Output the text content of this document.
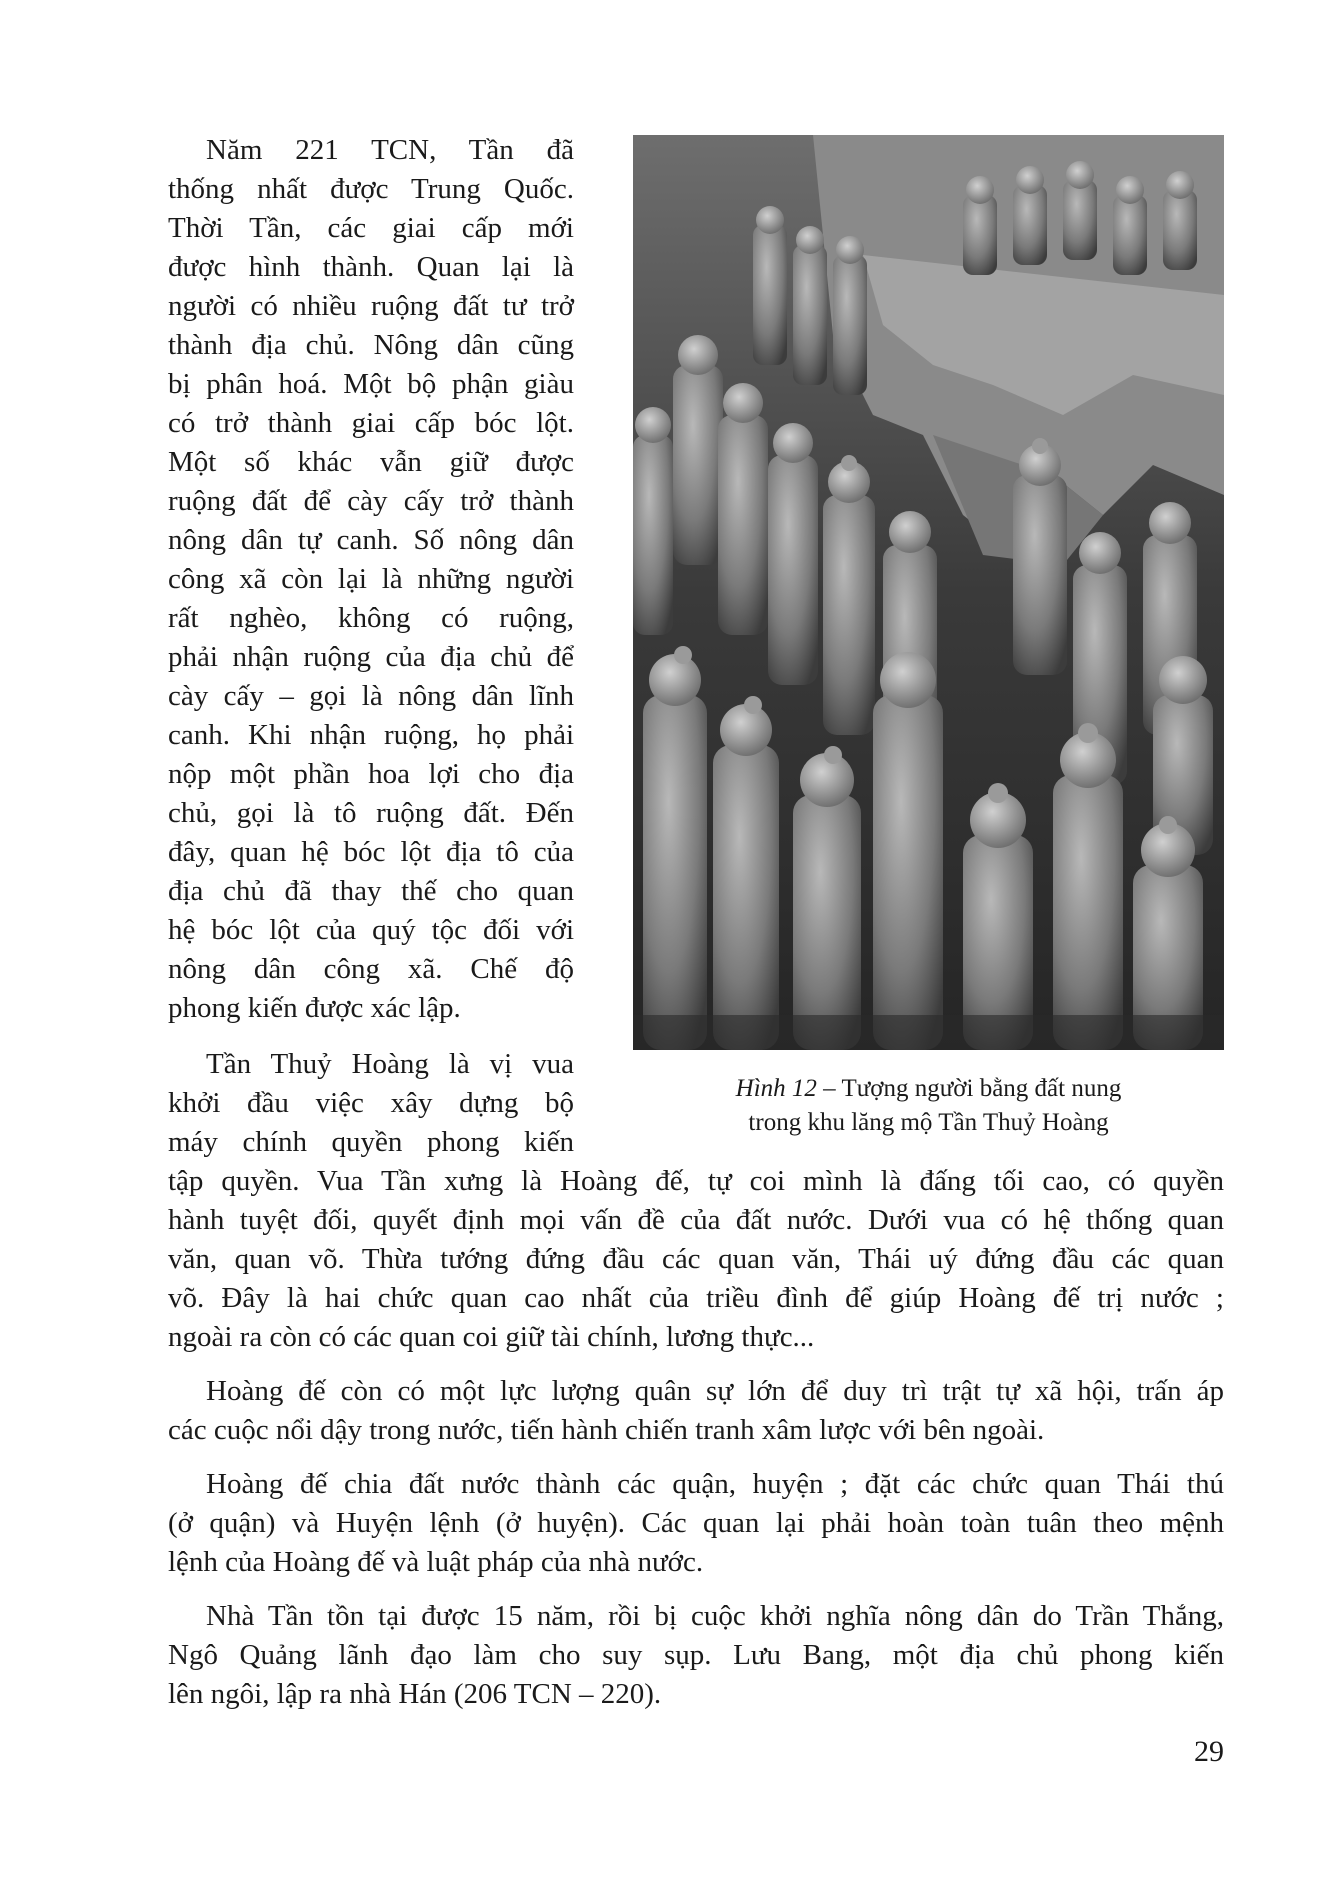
Năm 221 TCN, Tần đã
thống nhất được Trung Quốc.
Thời Tần, các giai cấp mới
được hình thành. Quan lại là
người có nhiều ruộng đất tư trở
thành địa chủ. Nông dân cũng
bị phân hoá. Một bộ phận giàu
có trở thành giai cấp bóc lột.
Một số khác vẫn giữ được
ruộng đất để cày cấy trở thành
nông dân tự canh. Số nông dân
công xã còn lại là những người
rất nghèo, không có ruộng,
phải nhận ruộng của địa chủ để
cày cấy – gọi là nông dân lĩnh
canh. Khi nhận ruộng, họ phải
nộp một phần hoa lợi cho địa
chủ, gọi là tô ruộng đất. Đến
đây, quan hệ bóc lột địa tô của
địa chủ đã thay thế cho quan
hệ bóc lột của quý tộc đối với
nông dân công xã. Chế độ
phong kiến được xác lập.
Tần Thuỷ Hoàng là vị vua
khởi đầu việc xây dựng bộ
máy chính quyền phong kiến
Hình 12 – Tượng người bằng đất nung
trong khu lăng mộ Tần Thuỷ Hoàng
tập quyền. Vua Tần xưng là Hoàng đế, tự coi mình là đấng tối cao, có quyền
hành tuyệt đối, quyết định mọi vấn đề của đất nước. Dưới vua có hệ thống quan
văn, quan võ. Thừa tướng đứng đầu các quan văn, Thái uý đứng đầu các quan
võ. Đây là hai chức quan cao nhất của triều đình để giúp Hoàng đế trị nước ;
ngoài ra còn có các quan coi giữ tài chính, lương thực...
Hoàng đế còn có một lực lượng quân sự lớn để duy trì trật tự xã hội, trấn áp
các cuộc nổi dậy trong nước, tiến hành chiến tranh xâm lược với bên ngoài.
Hoàng đế chia đất nước thành các quận, huyện ; đặt các chức quan Thái thú
(ở quận) và Huyện lệnh (ở huyện). Các quan lại phải hoàn toàn tuân theo mệnh
lệnh của Hoàng đế và luật pháp của nhà nước.
Nhà Tần tồn tại được 15 năm, rồi bị cuộc khởi nghĩa nông dân do Trần Thắng,
Ngô Quảng lãnh đạo làm cho suy sụp. Lưu Bang, một địa chủ phong kiến
lên ngôi, lập ra nhà Hán (206 TCN – 220).
29
